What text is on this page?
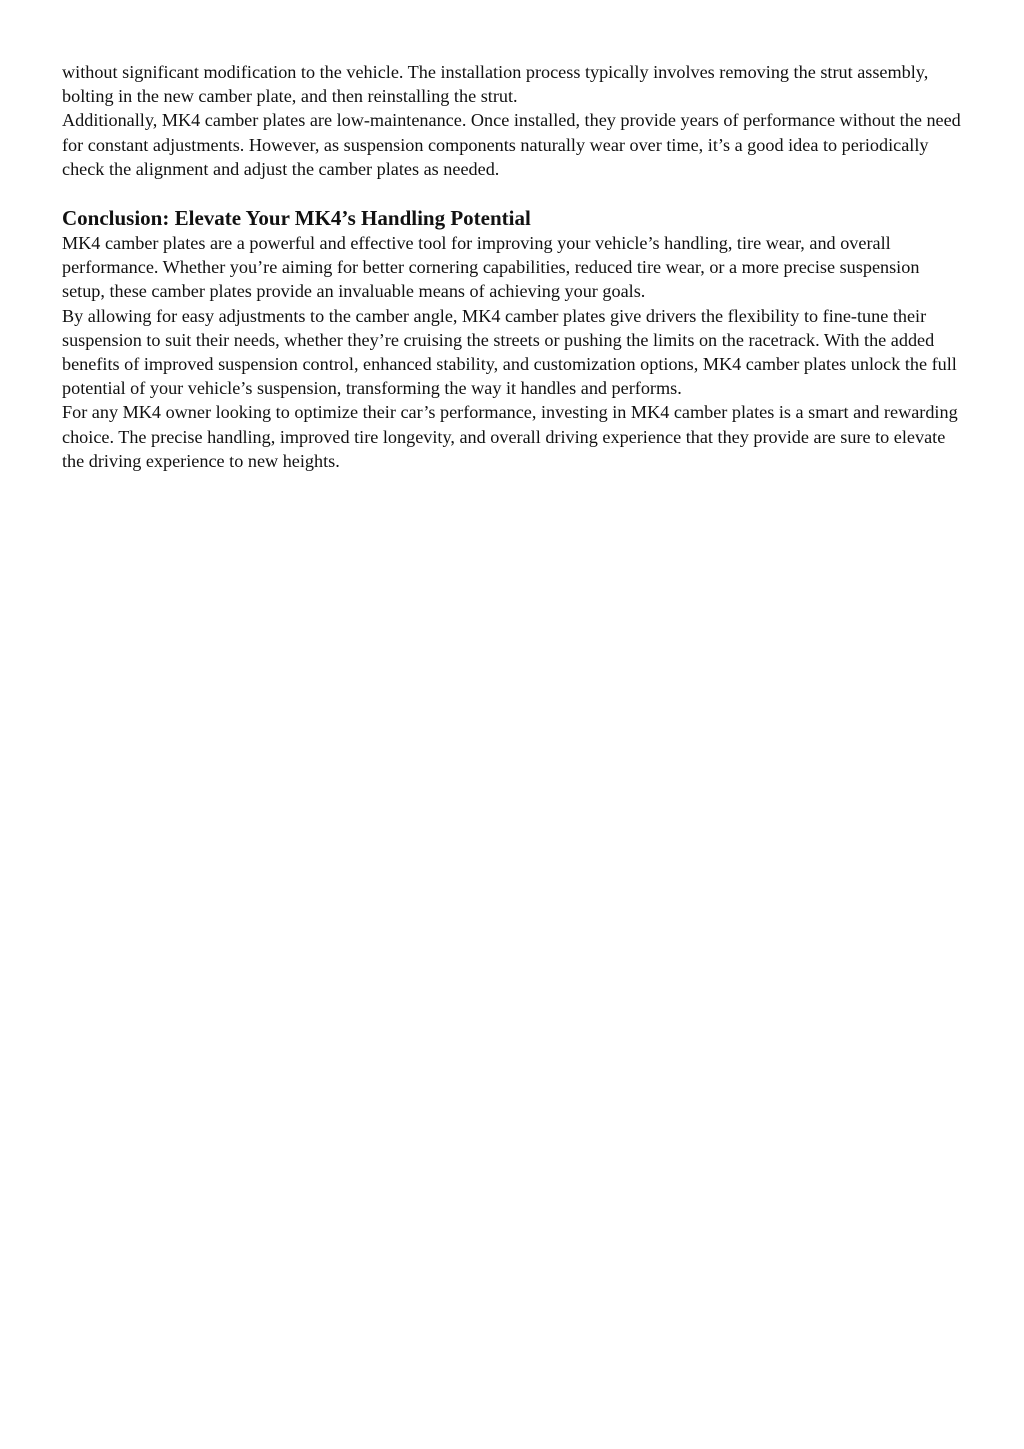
without significant modification to the vehicle. The installation process typically involves removing the strut assembly, bolting in the new camber plate, and then reinstalling the strut.

Additionally, MK4 camber plates are low-maintenance. Once installed, they provide years of performance without the need for constant adjustments. However, as suspension components naturally wear over time, it’s a good idea to periodically check the alignment and adjust the camber plates as needed.

Conclusion: Elevate Your MK4’s Handling Potential

MK4 camber plates are a powerful and effective tool for improving your vehicle’s handling, tire wear, and overall performance. Whether you’re aiming for better cornering capabilities, reduced tire wear, or a more precise suspension setup, these camber plates provide an invaluable means of achieving your goals.

By allowing for easy adjustments to the camber angle, MK4 camber plates give drivers the flexibility to fine-tune their suspension to suit their needs, whether they’re cruising the streets or pushing the limits on the racetrack. With the added benefits of improved suspension control, enhanced stability, and customization options, MK4 camber plates unlock the full potential of your vehicle’s suspension, transforming the way it handles and performs.

For any MK4 owner looking to optimize their car’s performance, investing in MK4 camber plates is a smart and rewarding choice. The precise handling, improved tire longevity, and overall driving experience that they provide are sure to elevate the driving experience to new heights.
